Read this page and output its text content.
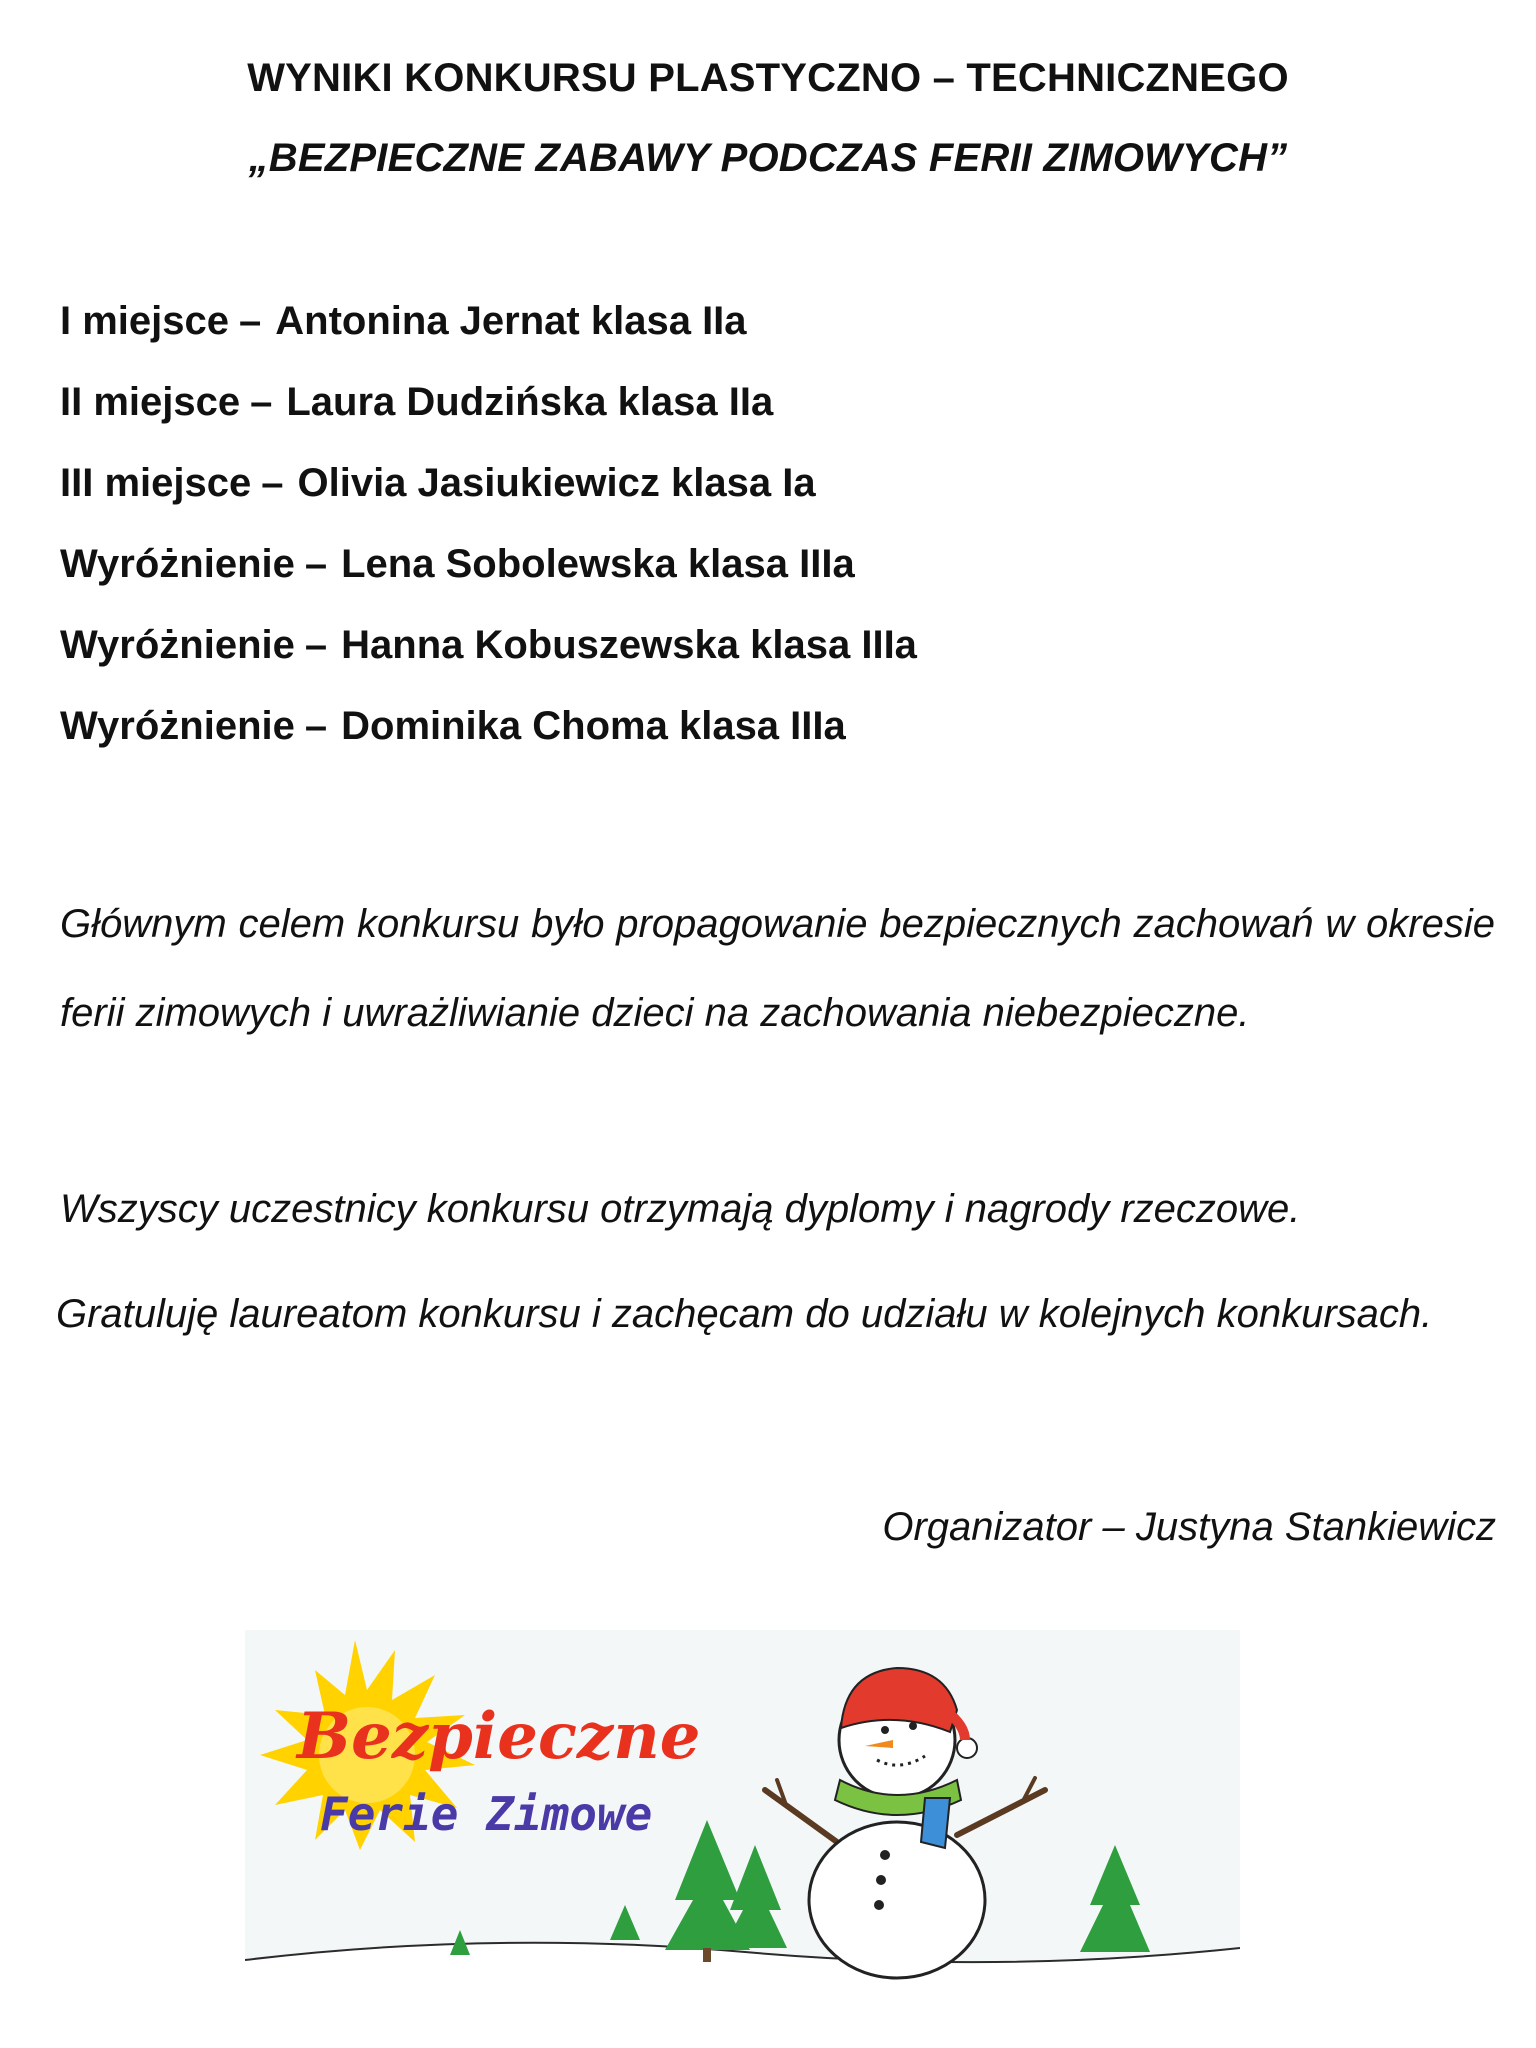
WYNIKI KONKURSU PLASTYCZNO – TECHNICZNEGO
„BEZPIECZNE ZABAWY PODCZAS FERII ZIMOWYCH”
I miejsce – Antonina Jernat klasa IIa
II miejsce – Laura Dudzińska klasa IIa
III miejsce – Olivia Jasiukiewicz klasa Ia
Wyróżnienie – Lena Sobolewska klasa IIIa
Wyróżnienie – Hanna Kobuszewska klasa IIIa
Wyróżnienie – Dominika Choma klasa IIIa

Głównym celem konkursu było propagowanie bezpiecznych zachowań w okresie ferii zimowych i uwrażliwianie dzieci na zachowania niebezpieczne.

Wszyscy uczestnicy konkursu otrzymają dyplomy i nagrody rzeczowe.

Gratuluję laureatom konkursu i zachęcam do udziału w kolejnych konkursach.

Organizator – Justyna Stankiewicz
Bezpieczne
Ferie Zimowe
